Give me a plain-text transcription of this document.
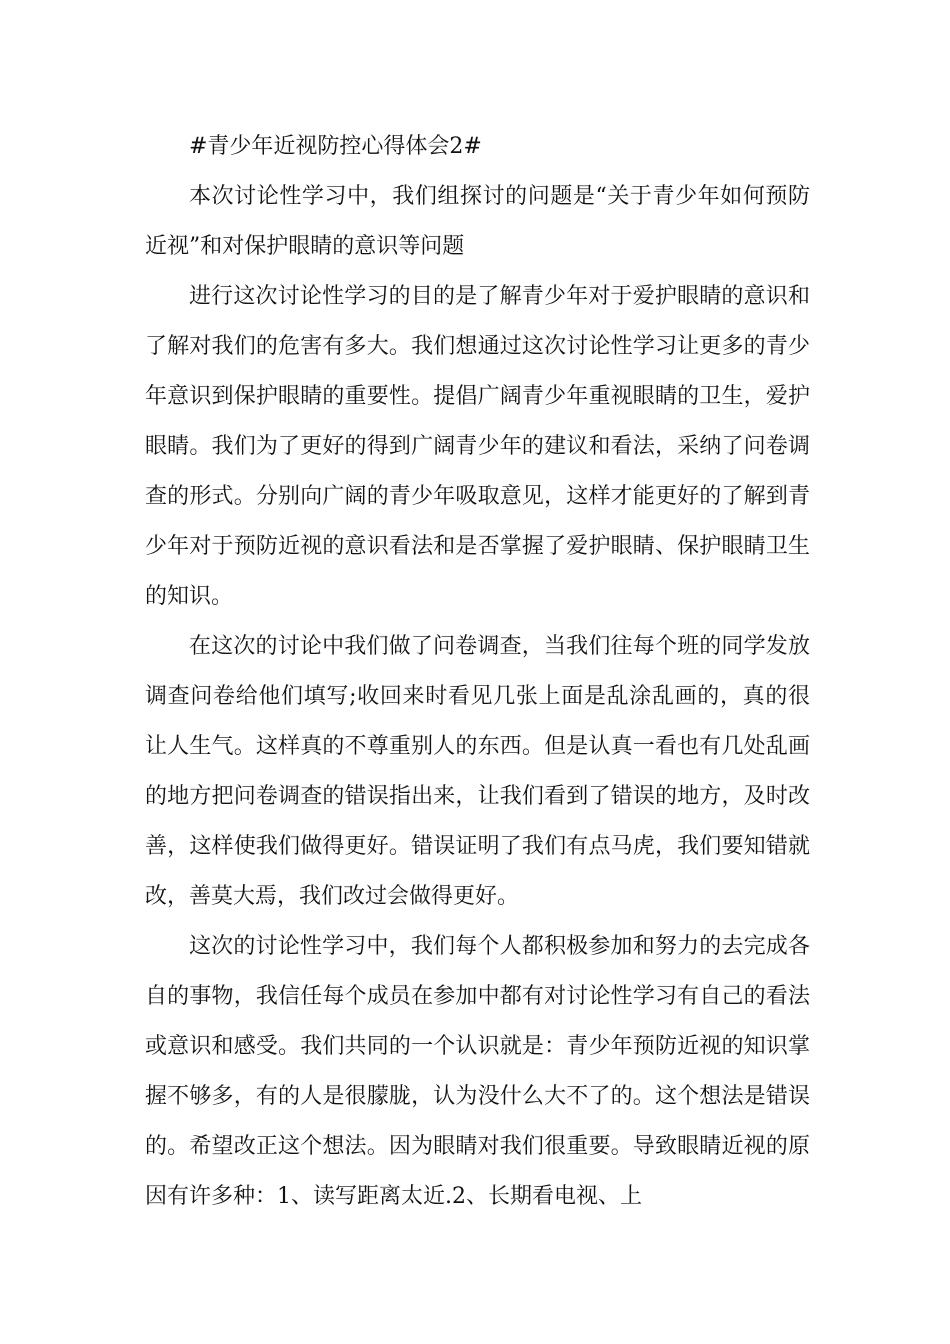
#青少年近视防控心得体会2#

本次讨论性学习中，我们组探讨的问题是“关于青少年如何预防近视”和对保护眼睛的意识等问题

进行这次讨论性学习的目的是了解青少年对于爱护眼睛的意识和了解对我们的危害有多大。我们想通过这次讨论性学习让更多的青少年意识到保护眼睛的重要性。提倡广阔青少年重视眼睛的卫生，爱护眼睛。我们为了更好的得到广阔青少年的建议和看法，采纳了问卷调查的形式。分别向广阔的青少年吸取意见，这样才能更好的了解到青少年对于预防近视的意识看法和是否掌握了爱护眼睛、保护眼睛卫生的知识。

在这次的讨论中我们做了问卷调查，当我们往每个班的同学发放调查问卷给他们填写;收回来时看见几张上面是乱涂乱画的，真的很让人生气。这样真的不尊重别人的东西。但是认真一看也有几处乱画的地方把问卷调查的错误指出来，让我们看到了错误的地方，及时改善，这样使我们做得更好。错误证明了我们有点马虎，我们要知错就改，善莫大焉，我们改过会做得更好。

这次的讨论性学习中，我们每个人都积极参加和努力的去完成各自的事物，我信任每个成员在参加中都有对讨论性学习有自己的看法或意识和感受。我们共同的一个认识就是：青少年预防近视的知识掌握不够多，有的人是很朦胧，认为没什么大不了的。这个想法是错误的。希望改正这个想法。因为眼睛对我们很重要。导致眼睛近视的原因有许多种：1、读写距离太近.2、长期看电视、上
